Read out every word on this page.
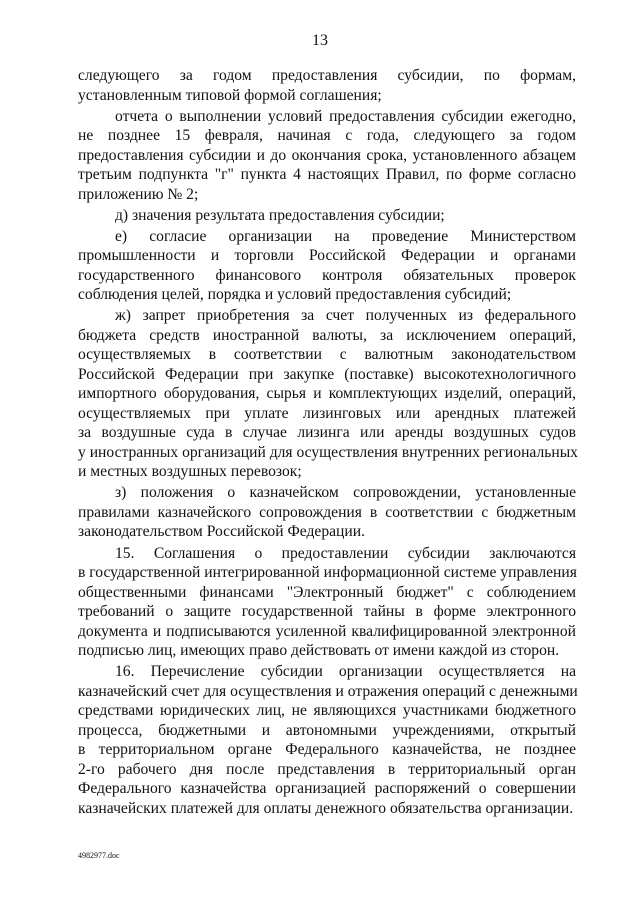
13
следующего за годом предоставления субсидии, по формам,
установленным типовой формой соглашения;
отчета о выполнении условий предоставления субсидии ежегодно,
не позднее 15 февраля, начиная с года, следующего за годом
предоставления субсидии и до окончания срока, установленного абзацем
третьим подпункта "г" пункта 4 настоящих Правил, по форме согласно
приложению № 2;
д) значения результата предоставления субсидии;
е) согласие организации на проведение Министерством
промышленности и торговли Российской Федерации и органами
государственного финансового контроля обязательных проверок
соблюдения целей, порядка и условий предоставления субсидий;
ж) запрет приобретения за счет полученных из федерального
бюджета средств иностранной валюты, за исключением операций,
осуществляемых в соответствии с валютным законодательством
Российской Федерации при закупке (поставке) высокотехнологичного
импортного оборудования, сырья и комплектующих изделий, операций,
осуществляемых при уплате лизинговых или арендных платежей
за воздушные суда в случае лизинга или аренды воздушных судов
у иностранных организаций для осуществления внутренних региональных
и местных воздушных перевозок;
з) положения о казначейском сопровождении, установленные
правилами казначейского сопровождения в соответствии с бюджетным
законодательством Российской Федерации.
15. Соглашения о предоставлении субсидии заключаются
в государственной интегрированной информационной системе управления
общественными финансами "Электронный бюджет" с соблюдением
требований о защите государственной тайны в форме электронного
документа и подписываются усиленной квалифицированной электронной
подписью лиц, имеющих право действовать от имени каждой из сторон.
16. Перечисление субсидии организации осуществляется на
казначейский счет для осуществления и отражения операций с денежными
средствами юридических лиц, не являющихся участниками бюджетного
процесса, бюджетными и автономными учреждениями, открытый
в территориальном органе Федерального казначейства, не позднее
2-го рабочего дня после представления в территориальный орган
Федерального казначейства организацией распоряжений о совершении
казначейских платежей для оплаты денежного обязательства организации.
4982977.doc
